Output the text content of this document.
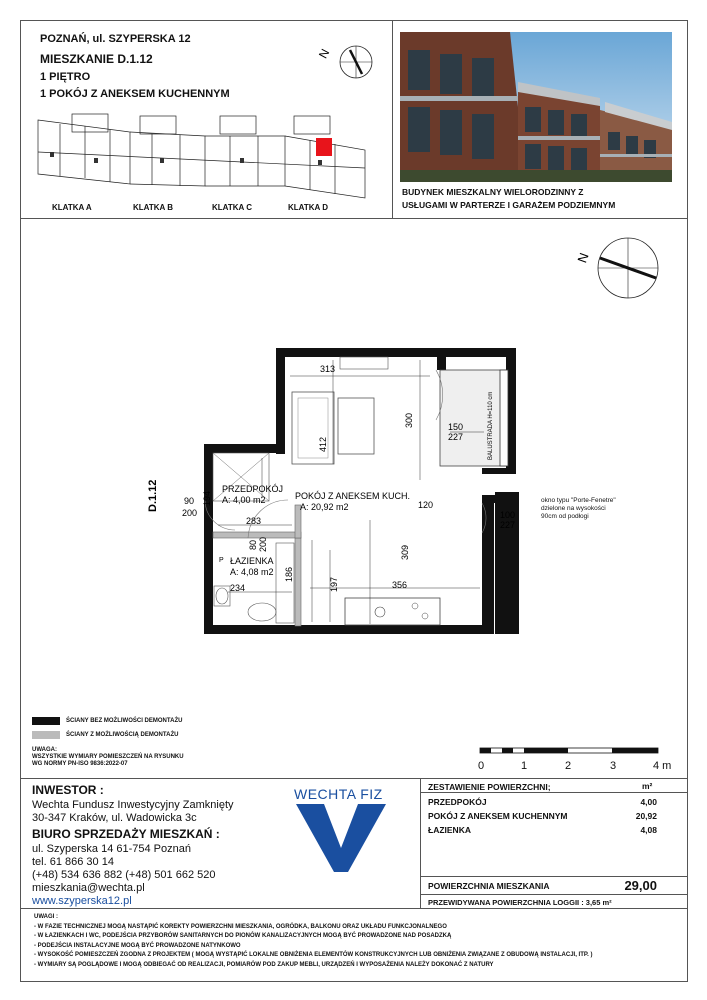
POZNAŃ, ul. SZYPERSKA 12
MIESZKANIE D.1.12
1 PIĘTRO
1 POKÓJ Z ANEKSEM KUCHENNYM
N
KLATKA A	KLATKA B	KLATKA C	KLATKA D
BUDYNEK MIESZKALNY WIELORODZINNY Z
USŁUGAMI W PARTERZE I GARAŻEM PODZIEMNYM
N
313
412
300	150
227
194
90
200
283
80 200
120
100
227
309
186
197
234	356
PRZEDPOKÓJ
A: 4,00 m2	POKÓJ Z ANEKSEM KUCH.
A: 20,92 m2
ŁAZIENKA
A: 4,08 m2
P
BALUSTRADA H=110 cm
D.1.12	okno typu "Porte-Fenetre"
dzielone na wysokości
90cm od podłogi
ŚCIANY BEZ MOŻLIWOŚCI DEMONTAŻU
ŚCIANY Z MOŻLIWOŚCIĄ DEMONTAŻU
UWAGA:
WSZYSTKIE WYMIARY POMIESZCZEŃ NA RYSUNKU
WG NORMY PN-ISO 9836:2022-07	0	1	2	3	4 m
INWESTOR :
Wechta Fundusz Inwestycyjny Zamknięty
30-347 Kraków, ul. Wadowicka 3c
BIURO SPRZEDAŻY MIESZKAŃ :
ul. Szyperska 14 61-754 Poznań
tel. 61 866 30 14
(+48) 534 636 882 (+48) 501 662 520
mieszkania@wechta.pl
www.szyperska12.pl
WECHTA FIZ	ZESTAWIENIE POWIERZCHNI;	m²
PRZEDPOKÓJ	4,00
POKÓJ Z ANEKSEM KUCHENNYM	20,92
ŁAZIENKA	4,08
POWIERZCHNIA MIESZKANIA	29,00
PRZEWIDYWANA POWIERZCHNIA LOGGII : 3,65 m²
UWAGI :
- W FAZIE TECHNICZNEJ MOGĄ NASTĄPIĆ KOREKTY POWIERZCHNI MIESZKANIA, OGRÓDKA, BALKONU ORAZ UKŁADU FUNKCJONALNEGO
- W ŁAZIENKACH I WC, PODEJŚCIA PRZYBORÓW SANITARNYCH DO PIONÓW KANALIZACYJNYCH MOGĄ BYĆ PROWADZONE NAD POSADZKĄ
- PODEJŚCIA INSTALACYJNE MOGĄ BYĆ PROWADZONE NATYNKOWO
- WYSOKOŚĆ POMIESZCZEŃ ZGODNA Z PROJEKTEM ( MOGĄ WYSTĄPIĆ LOKALNE OBNIŻENIA ELEMENTÓW KONSTRUKCYJNYCH LUB OBNIŻENIA ZWIĄZANE Z OBUDOWĄ INSTALACJI, ITP. )
- WYMIARY SĄ POGLĄDOWE I MOGĄ ODBIEGAĆ OD REALIZACJI, POMIARÓW POD ZAKUP MEBLI, URZĄDZEŃ I WYPOSAŻENIA NALEŻY DOKONAĆ Z NATURY
